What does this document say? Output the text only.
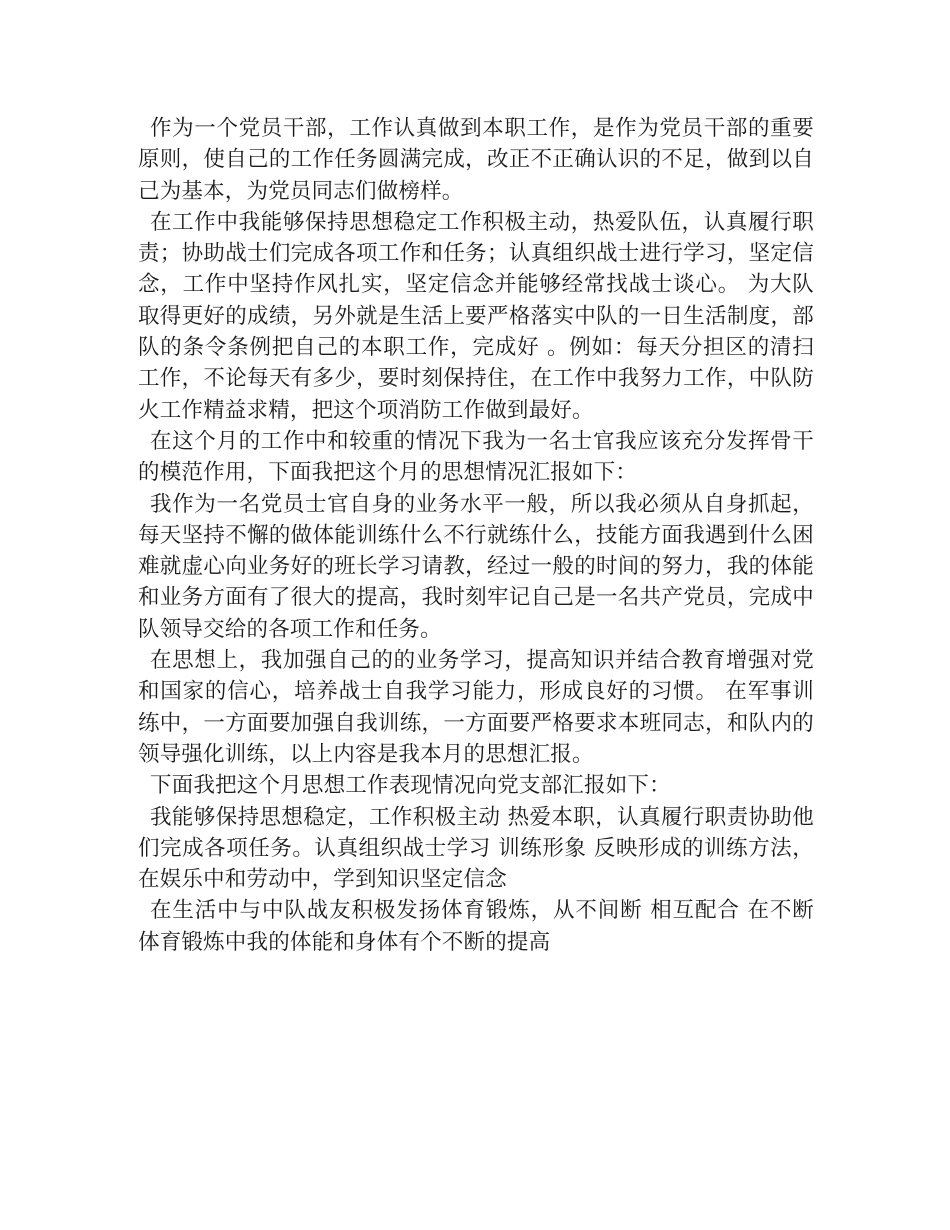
作为一个党员干部，工作认真做到本职工作，是作为党员干部的重要原则，使自己的工作任务圆满完成，改正不正确认识的不足，做到以自己为基本，为党员同志们做榜样。

在工作中我能够保持思想稳定工作积极主动，热爱队伍，认真履行职责；协助战士们完成各项工作和任务；认真组织战士进行学习，坚定信念，工作中坚持作风扎实，坚定信念并能够经常找战士谈心。 为大队取得更好的成绩，另外就是生活上要严格落实中队的一日生活制度，部队的条令条例把自己的本职工作，完成好 。例如：每天分担区的清扫工作，不论每天有多少，要时刻保持住，在工作中我努力工作，中队防火工作精益求精，把这个项消防工作做到最好。

在这个月的工作中和较重的情况下我为一名士官我应该充分发挥骨干的模范作用，下面我把这个月的思想情况汇报如下：

我作为一名党员士官自身的业务水平一般，所以我必须从自身抓起，每天坚持不懈的做体能训练什么不行就练什么，技能方面我遇到什么困难就虚心向业务好的班长学习请教，经过一般的时间的努力，我的体能和业务方面有了很大的提高，我时刻牢记自己是一名共产党员，完成中队领导交给的各项工作和任务。

在思想上，我加强自己的的业务学习，提高知识并结合教育增强对党和国家的信心，培养战士自我学习能力，形成良好的习惯。 在军事训练中，一方面要加强自我训练，一方面要严格要求本班同志，和队内的领导强化训练，以上内容是我本月的思想汇报。

下面我把这个月思想工作表现情况向党支部汇报如下：

我能够保持思想稳定，工作积极主动 热爱本职，认真履行职责协助他们完成各项任务。认真组织战士学习 训练形象 反映形成的训练方法，在娱乐中和劳动中，学到知识坚定信念

在生活中与中队战友积极发扬体育锻炼，从不间断 相互配合 在不断体育锻炼中我的体能和身体有个不断的提高
